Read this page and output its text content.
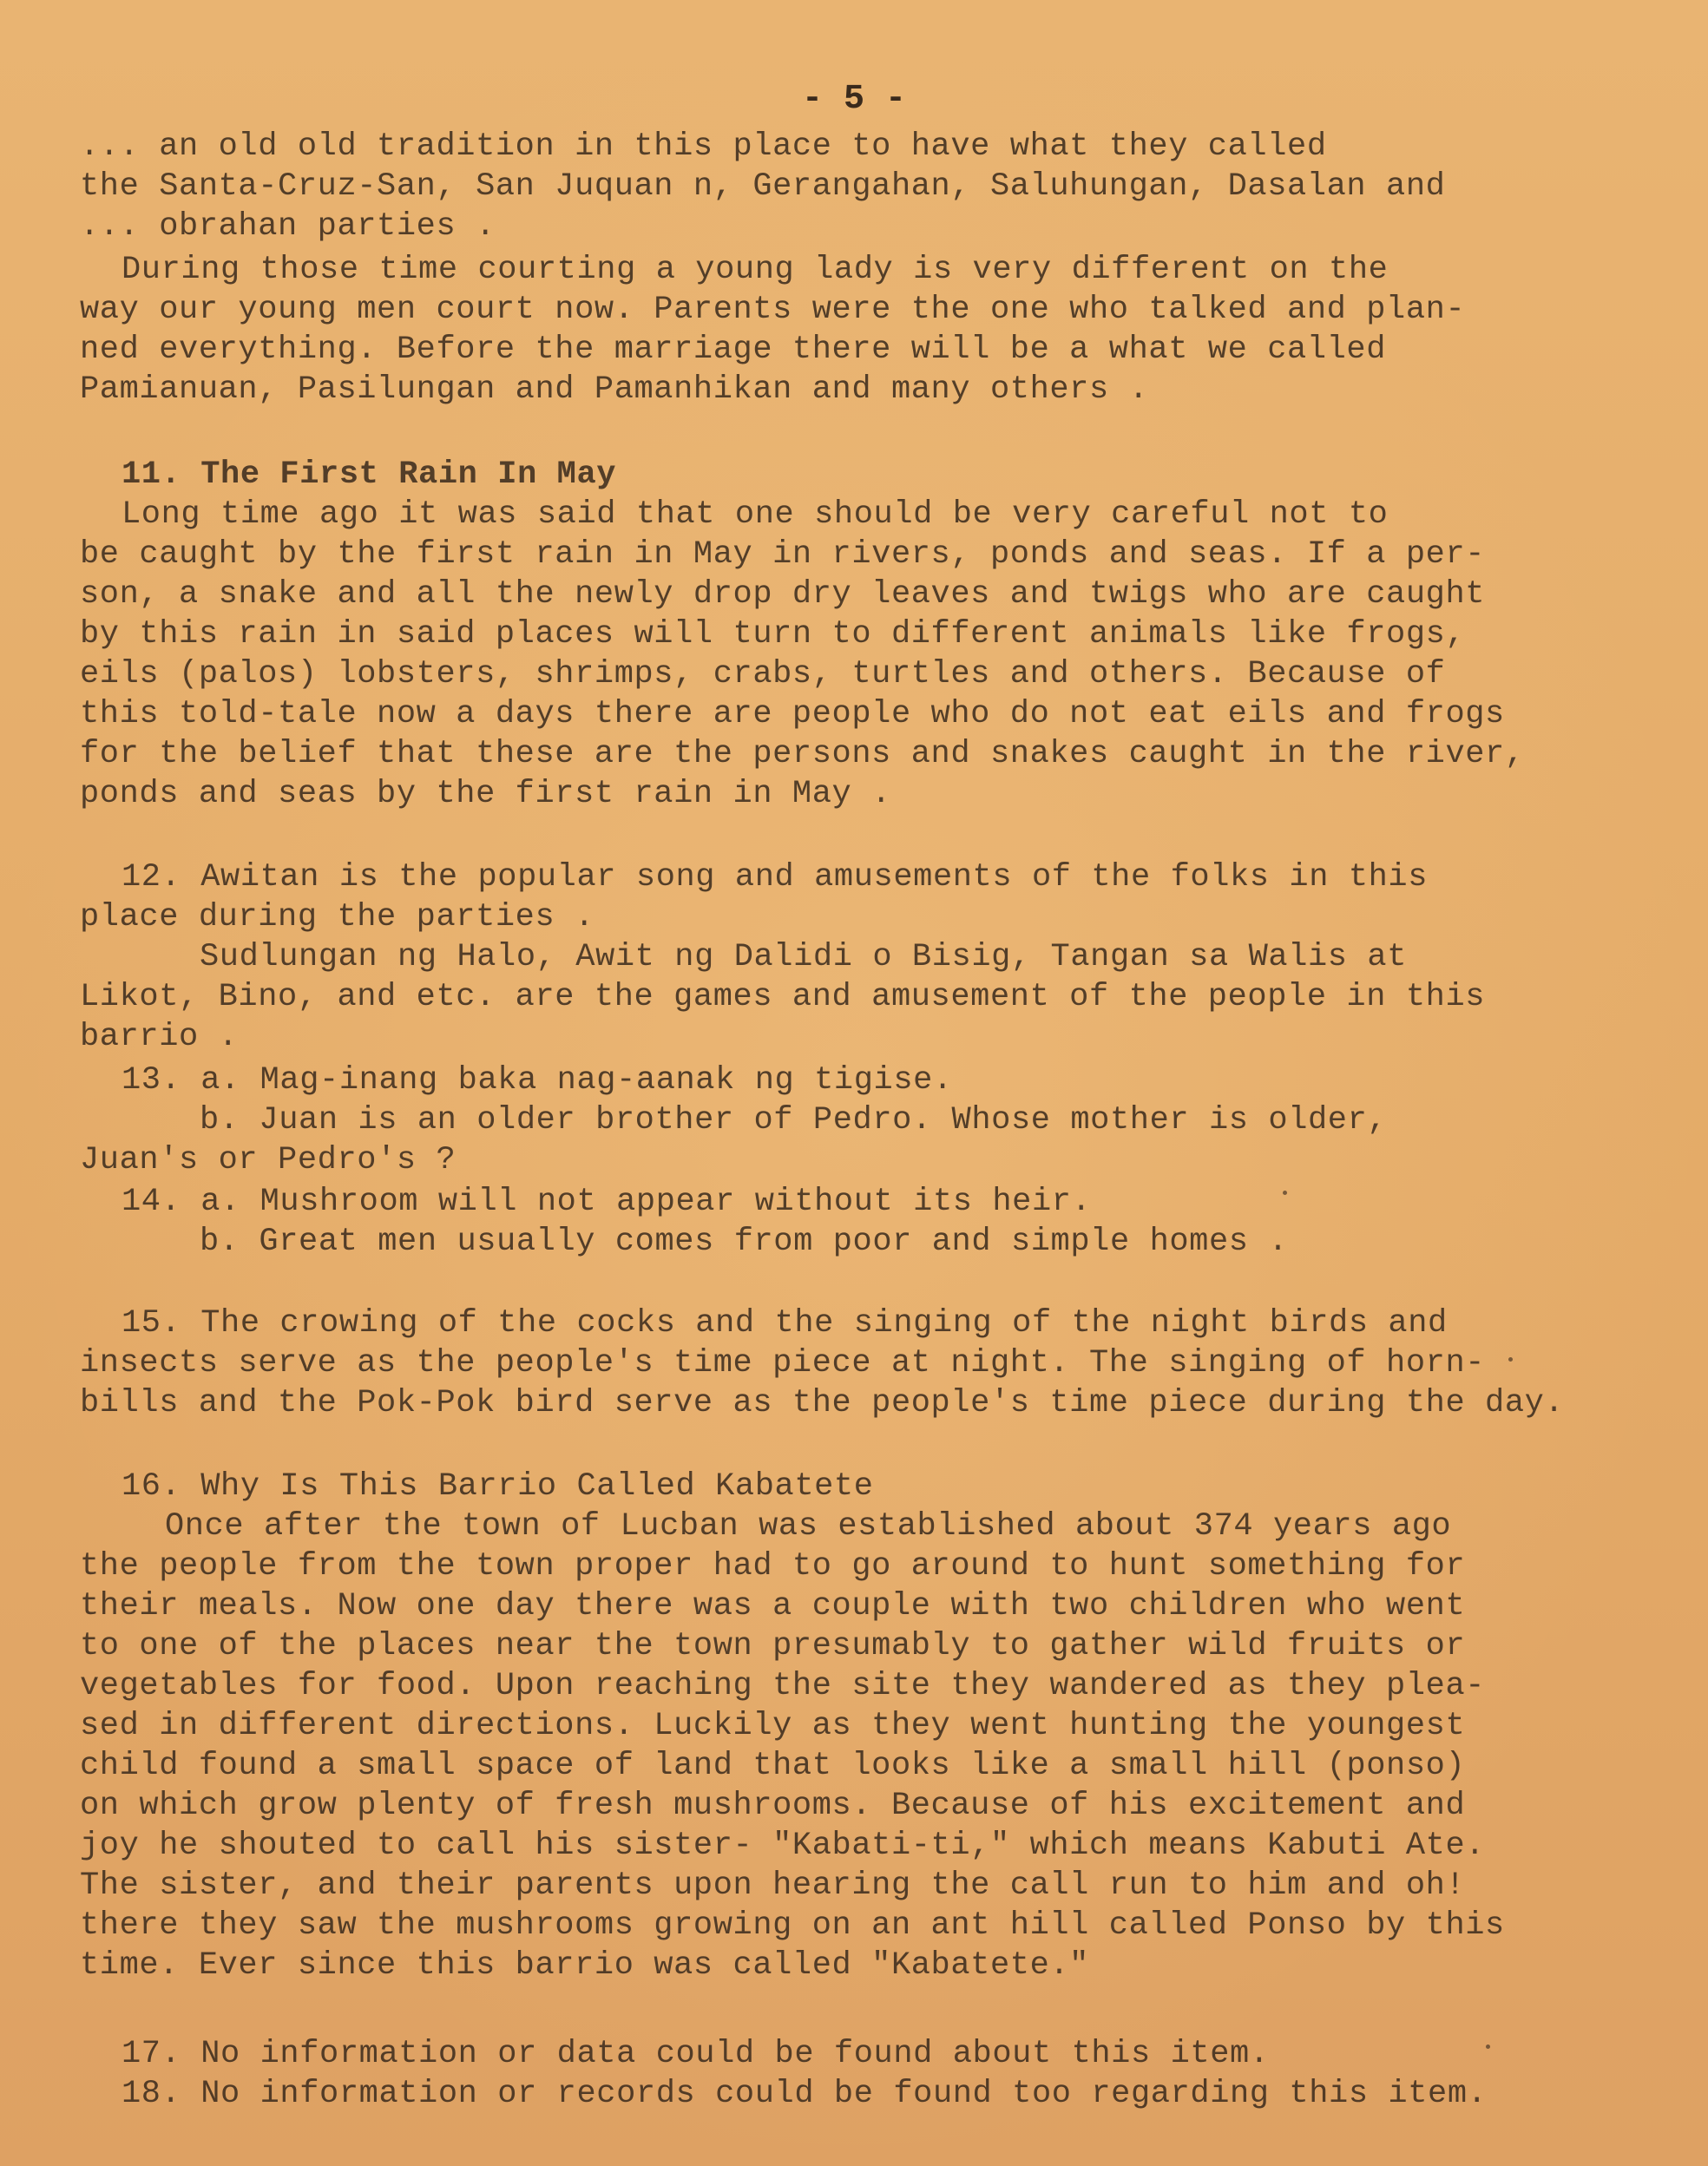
- 5 -
... an old old tradition in this place to have what they called
the Santa-Cruz-San, San Juquan n, Gerangahan, Saluhungan, Dasalan and
... obrahan parties .
During those time courting a young lady is very different on the
way our young men court now. Parents were the one who talked and plan-
ned everything. Before the marriage there will be a what we called
Pamianuan, Pasilungan and Pamanhikan and many others .
11. The First Rain In May
Long time ago it was said that one should be very careful not to
be caught by the first rain in May in rivers, ponds and seas. If a per-
son, a snake and all the newly drop dry leaves and twigs who are caught
by this rain in said places will turn to different animals like frogs,
eils (palos) lobsters, shrimps, crabs, turtles and others. Because of
this told-tale now a days there are people who do not eat eils and frogs
for the belief that these are the persons and snakes caught in the river,
ponds and seas by the first rain in May .
12. Awitan is the popular song and amusements of the folks in this
place during the parties .
Sudlungan ng Halo, Awit ng Dalidi o Bisig, Tangan sa Walis at
Likot, Bino, and etc. are the games and amusement of the people in this
barrio .
13. a. Mag-inang baka nag-aanak ng tigise.
b. Juan is an older brother of Pedro. Whose mother is older,
Juan's or Pedro's ?
14. a. Mushroom will not appear without its heir.
b. Great men usually comes from poor and simple homes .
15. The crowing of the cocks and the singing of the night birds and
insects serve as the people's time piece at night. The singing of horn-
bills and the Pok-Pok bird serve as the people's time piece during the day.
16. Why Is This Barrio Called Kabatete
Once after the town of Lucban was established about 374 years ago
the people from the town proper had to go around to hunt something for
their meals. Now one day there was a couple with two children who went
to one of the places near the town presumably to gather wild fruits or
vegetables for food. Upon reaching the site they wandered as they plea-
sed in different directions. Luckily as they went hunting the youngest
child found a small space of land that looks like a small hill (ponso)
on which grow plenty of fresh mushrooms. Because of his excitement and
joy he shouted to call his sister- "Kabati-ti," which means Kabuti Ate.
The sister, and their parents upon hearing the call run to him and oh!
there they saw the mushrooms growing on an ant hill called Ponso by this
time. Ever since this barrio was called "Kabatete."
17. No information or data could be found about this item.
18. No information or records could be found too regarding this item.
